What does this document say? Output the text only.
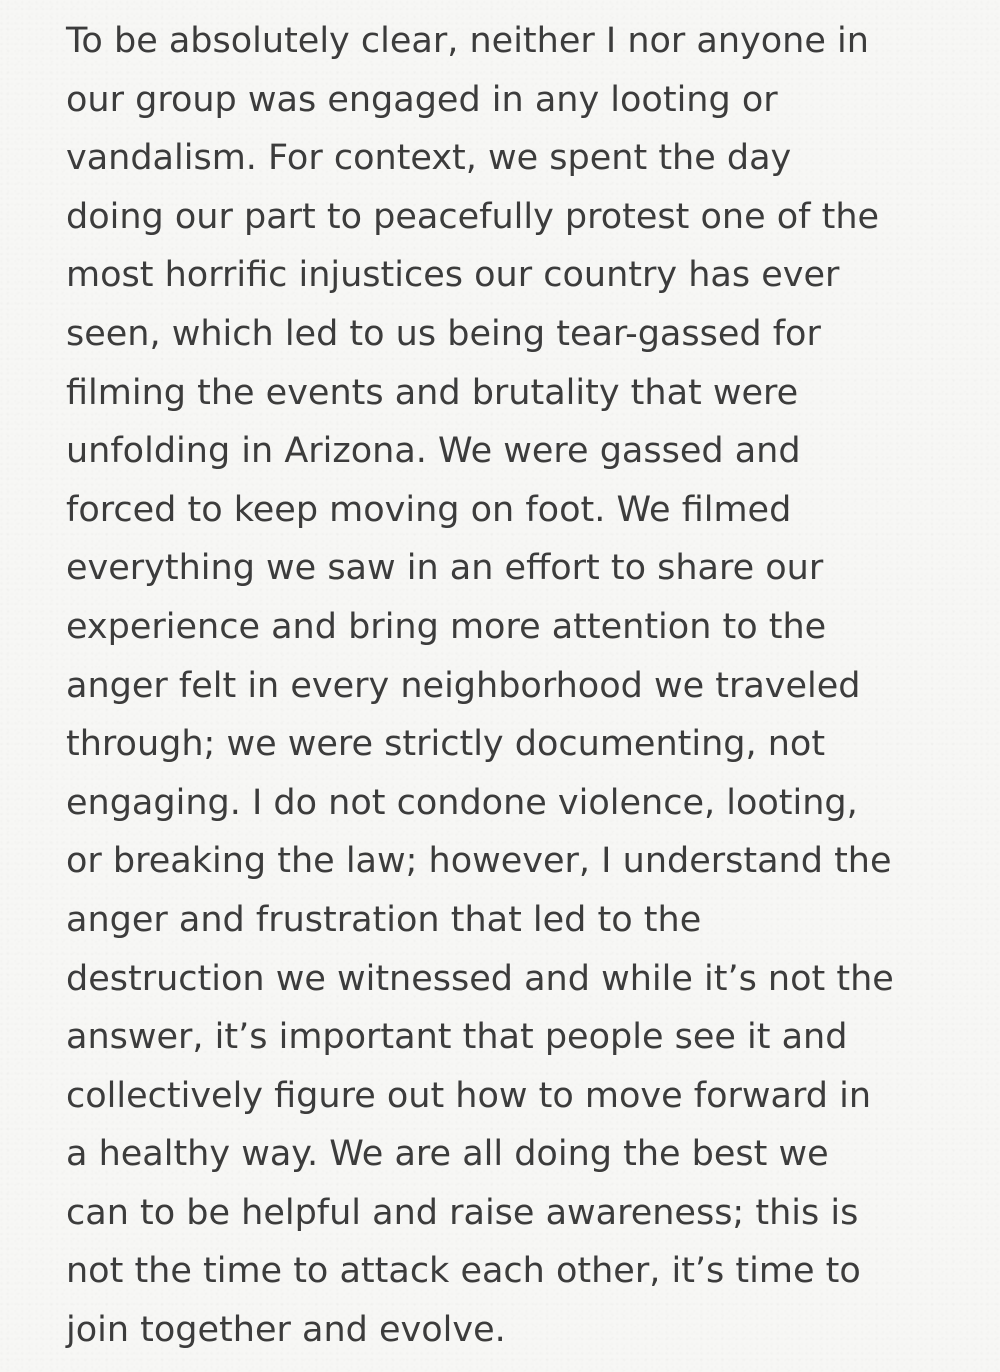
To be absolutely clear, neither I nor anyone in
our group was engaged in any looting or
vandalism. For context, we spent the day
doing our part to peacefully protest one of the
most horrific injustices our country has ever
seen, which led to us being tear-gassed for
filming the events and brutality that were
unfolding in Arizona. We were gassed and
forced to keep moving on foot. We filmed
everything we saw in an effort to share our
experience and bring more attention to the
anger felt in every neighborhood we traveled
through; we were strictly documenting, not
engaging. I do not condone violence, looting,
or breaking the law; however, I understand the
anger and frustration that led to the
destruction we witnessed and while it’s not the
answer, it’s important that people see it and
collectively figure out how to move forward in
a healthy way. We are all doing the best we
can to be helpful and raise awareness; this is
not the time to attack each other, it’s time to
join together and evolve.
